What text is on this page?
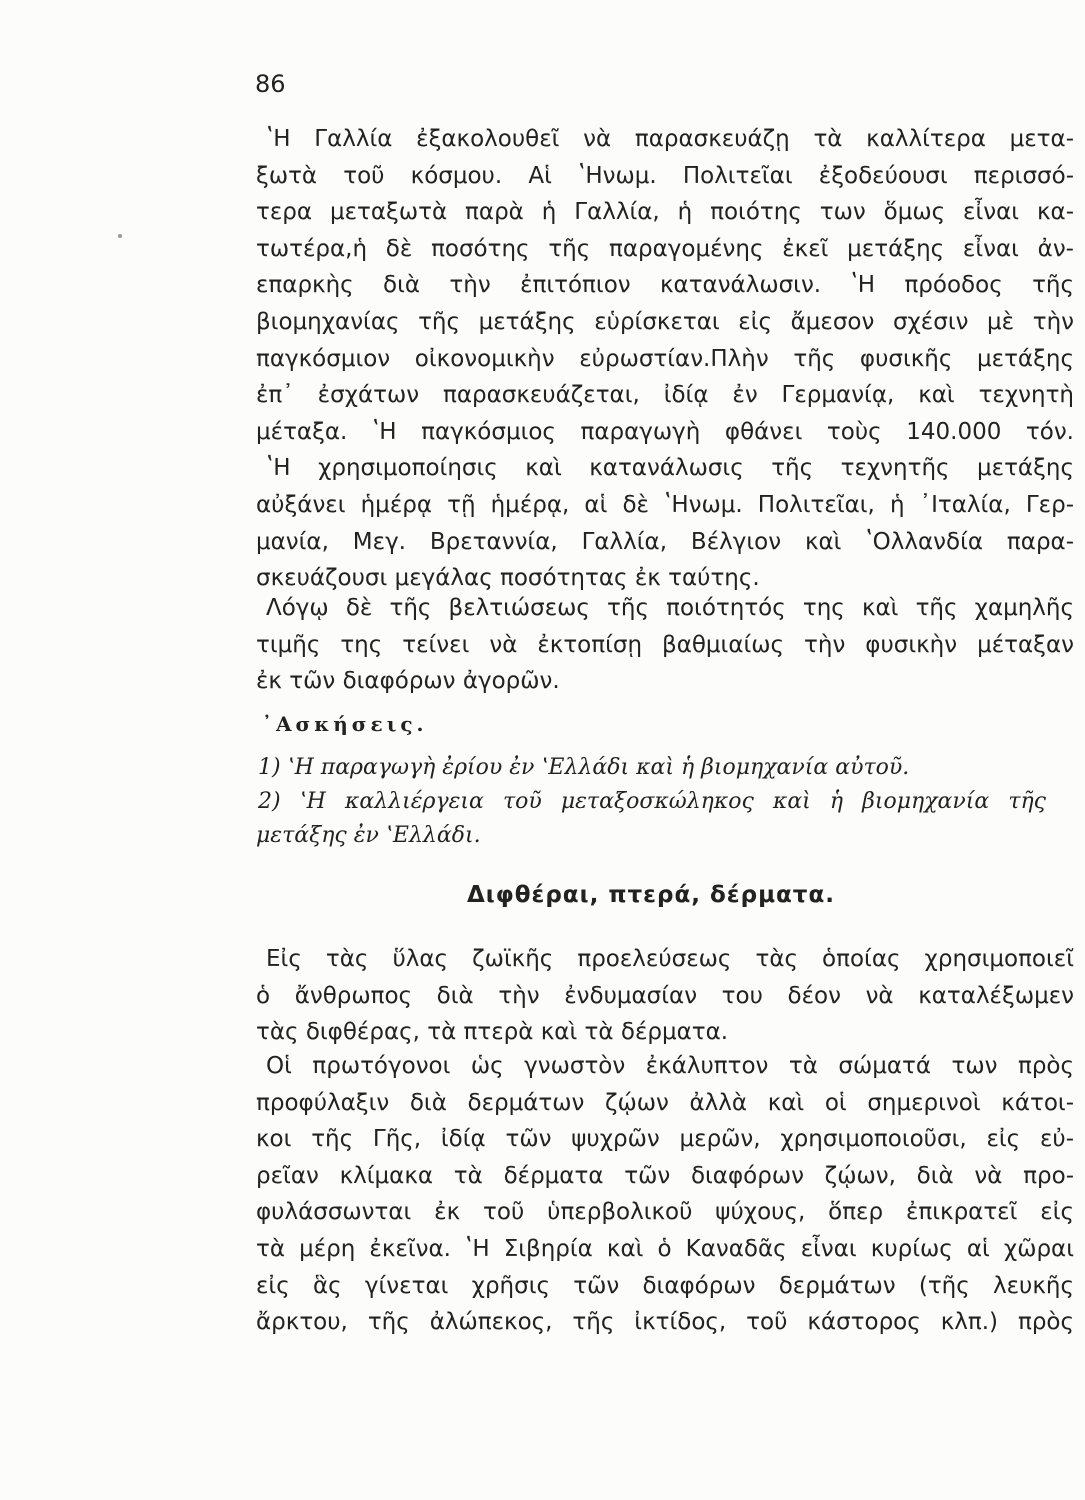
86
ʽΗ Γαλλία ἐξακολουθεῖ νὰ παρασκευάζῃ τὰ καλλίτερα μετα-
ξωτὰ τοῦ κόσμου. Αἱ ʽΗνωμ. Πολιτεῖαι ἐξοδεύουσι περισσό-
τερα μεταξωτὰ παρὰ ἡ Γαλλία, ἡ ποιότης των ὅμως εἶναι κα-
τωτέρα,ἡ δὲ ποσότης τῆς παραγομένης ἐκεῖ μετάξης εἶναι ἀν-
επαρκὴς διὰ τὴν ἐπιτόπιον κατανάλωσιν. ʽΗ πρόοδος τῆς
βιομηχανίας τῆς μετάξης εὑρίσκεται εἰς ἄμεσον σχέσιν μὲ τὴν
παγκόσμιον οἰκονομικὴν εὐρωστίαν.Πλὴν τῆς φυσικῆς μετάξης
ἐπ᾿ ἐσχάτων παρασκευάζεται, ἰδίᾳ ἐν Γερμανίᾳ, καὶ τεχνητὴ
μέταξα. ʽΗ παγκόσμιος παραγωγὴ φθάνει τοὺς 140.000 τόν.
ʽΗ χρησιμοποίησις καὶ κατανάλωσις τῆς τεχνητῆς μετάξης
αὐξάνει ἡμέρᾳ τῇ ἡμέρᾳ, αἱ δὲ ʽΗνωμ. Πολιτεῖαι, ἡ ᾽Ιταλία, Γερ-
μανία, Μεγ. Βρεταννία, Γαλλία, Βέλγιον καὶ ʽΟλλανδία παρα-
σκευάζουσι μεγάλας ποσότητας ἐκ ταύτης.
Λόγῳ δὲ τῆς βελτιώσεως τῆς ποιότητός της καὶ τῆς χαμηλῆς
τιμῆς της τείνει νὰ ἐκτοπίσῃ βαθμιαίως τὴν φυσικὴν μέταξαν
ἐκ τῶν διαφόρων ἀγορῶν.
᾽Ασκήσεις.
1) ʽΗ παραγωγὴ ἐρίου ἐν ʽΕλλάδι καὶ ἡ βιομηχανία αὐτοῦ.
2) ʽΗ καλλιέργεια τοῦ μεταξοσκώληκος καὶ ἡ βιομηχανία τῆς
μετάξης ἐν ʽΕλλάδι.
Διφθέραι, πτερά, δέρματα.
Εἰς τὰς ὕλας ζωϊκῆς προελεύσεως τὰς ὁποίας χρησιμοποιεῖ
ὁ ἄνθρωπος διὰ τὴν ἐνδυμασίαν του δέον νὰ καταλέξωμεν
τὰς διφθέρας, τὰ πτερὰ καὶ τὰ δέρματα.
Οἱ πρωτόγονοι ὡς γνωστὸν ἐκάλυπτον τὰ σώματά των πρὸς
προφύλαξιν διὰ δερμάτων ζῴων ἀλλὰ καὶ οἱ σημερινοὶ κάτοι-
κοι τῆς Γῆς, ἰδίᾳ τῶν ψυχρῶν μερῶν, χρησιμοποιοῦσι, εἰς εὐ-
ρεῖαν κλίμακα τὰ δέρματα τῶν διαφόρων ζῴων, διὰ νὰ προ-
φυλάσσωνται ἐκ τοῦ ὑπερβολικοῦ ψύχους, ὅπερ ἐπικρατεῖ εἰς
τὰ μέρη ἐκεῖνα. ʽΗ Σιβηρία καὶ ὁ Καναδᾶς εἶναι κυρίως αἱ χῶραι
εἰς ἃς γίνεται χρῆσις τῶν διαφόρων δερμάτων (τῆς λευκῆς
ἄρκτου, τῆς ἀλώπεκος, τῆς ἰκτίδος, τοῦ κάστορος κλπ.) πρὸς
